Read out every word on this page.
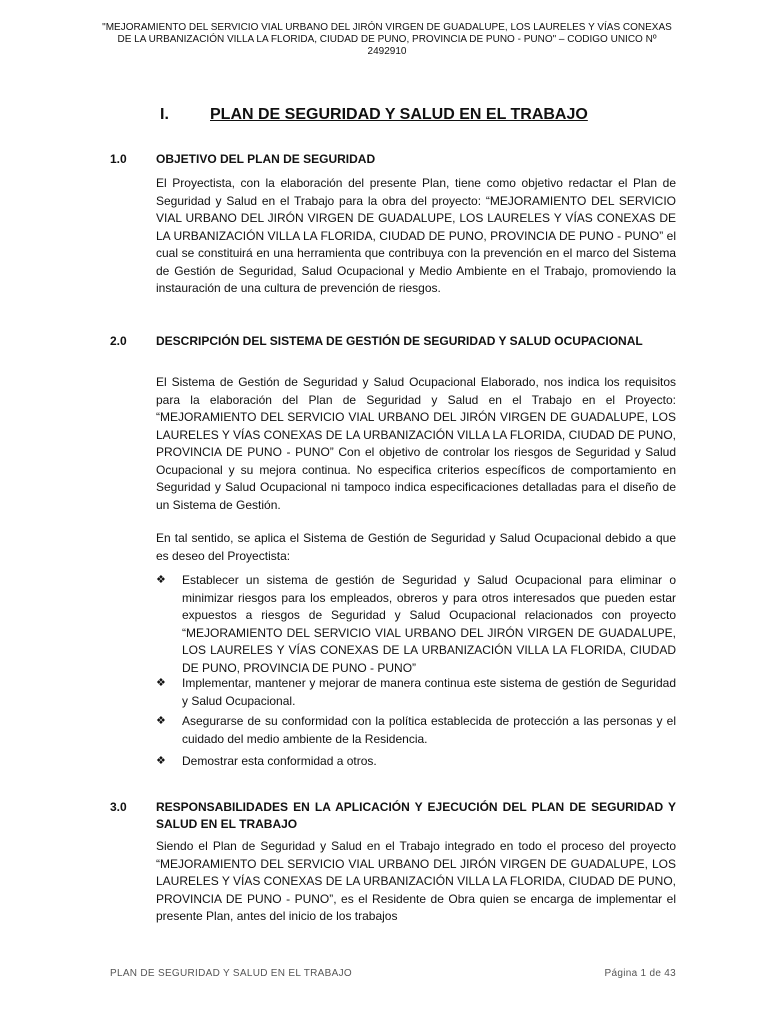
"MEJORAMIENTO DEL SERVICIO VIAL URBANO DEL JIRÓN VIRGEN DE GUADALUPE, LOS LAURELES Y VÍAS CONEXAS DE LA URBANIZACIÓN VILLA LA FLORIDA, CIUDAD DE PUNO, PROVINCIA DE PUNO - PUNO" – CODIGO UNICO Nº 2492910
I.	PLAN DE SEGURIDAD Y SALUD EN EL TRABAJO
1.0 OBJETIVO DEL PLAN DE SEGURIDAD

El Proyectista, con la elaboración del presente Plan, tiene como objetivo redactar el Plan de Seguridad y Salud en el Trabajo para la obra del proyecto: “MEJORAMIENTO DEL SERVICIO VIAL URBANO DEL JIRÓN VIRGEN DE GUADALUPE, LOS LAURELES Y VÍAS CONEXAS DE LA URBANIZACIÓN VILLA LA FLORIDA, CIUDAD DE PUNO, PROVINCIA DE PUNO - PUNO” el cual se constituirá en una herramienta que contribuya con la prevención en el marco del Sistema de Gestión de Seguridad, Salud Ocupacional y Medio Ambiente en el Trabajo, promoviendo la instauración de una cultura de prevención de riesgos.

2.0 DESCRIPCIÓN DEL SISTEMA DE GESTIÓN DE SEGURIDAD Y SALUD OCUPACIONAL

El Sistema de Gestión de Seguridad y Salud Ocupacional Elaborado, nos indica los requisitos para la elaboración del Plan de Seguridad y Salud en el Trabajo en el Proyecto: “MEJORAMIENTO DEL SERVICIO VIAL URBANO DEL JIRÓN VIRGEN DE GUADALUPE, LOS LAURELES Y VÍAS CONEXAS DE LA URBANIZACIÓN VILLA LA FLORIDA, CIUDAD DE PUNO, PROVINCIA DE PUNO - PUNO” Con el objetivo de controlar los riesgos de Seguridad y Salud Ocupacional y su mejora continua. No especifica criterios específicos de comportamiento en Seguridad y Salud Ocupacional ni tampoco indica especificaciones detalladas para el diseño de un Sistema de Gestión.

En tal sentido, se aplica el Sistema de Gestión de Seguridad y Salud Ocupacional debido a que es deseo del Proyectista:

❖ Establecer un sistema de gestión de Seguridad y Salud Ocupacional para eliminar o minimizar riesgos para los empleados, obreros y para otros interesados que pueden estar expuestos a riesgos de Seguridad y Salud Ocupacional relacionados con proyecto “MEJORAMIENTO DEL SERVICIO VIAL URBANO DEL JIRÓN VIRGEN DE GUADALUPE, LOS LAURELES Y VÍAS CONEXAS DE LA URBANIZACIÓN VILLA LA FLORIDA, CIUDAD DE PUNO, PROVINCIA DE PUNO - PUNO”
❖ Implementar, mantener y mejorar de manera continua este sistema de gestión de Seguridad y Salud Ocupacional.
❖ Asegurarse de su conformidad con la política establecida de protección a las personas y el cuidado del medio ambiente de la Residencia.
❖ Demostrar esta conformidad a otros.
3.0 RESPONSABILIDADES EN LA APLICACIÓN Y EJECUCIÓN DEL PLAN DE SEGURIDAD Y SALUD EN EL TRABAJO

Siendo el Plan de Seguridad y Salud en el Trabajo integrado en todo el proceso del proyecto “MEJORAMIENTO DEL SERVICIO VIAL URBANO DEL JIRÓN VIRGEN DE GUADALUPE, LOS LAURELES Y VÍAS CONEXAS DE LA URBANIZACIÓN VILLA LA FLORIDA, CIUDAD DE PUNO, PROVINCIA DE PUNO - PUNO”, es el Residente de Obra quien se encarga de implementar el presente Plan, antes del inicio de los trabajos

PLAN DE SEGURIDAD Y SALUD EN EL TRABAJO	Página 1 de 43
